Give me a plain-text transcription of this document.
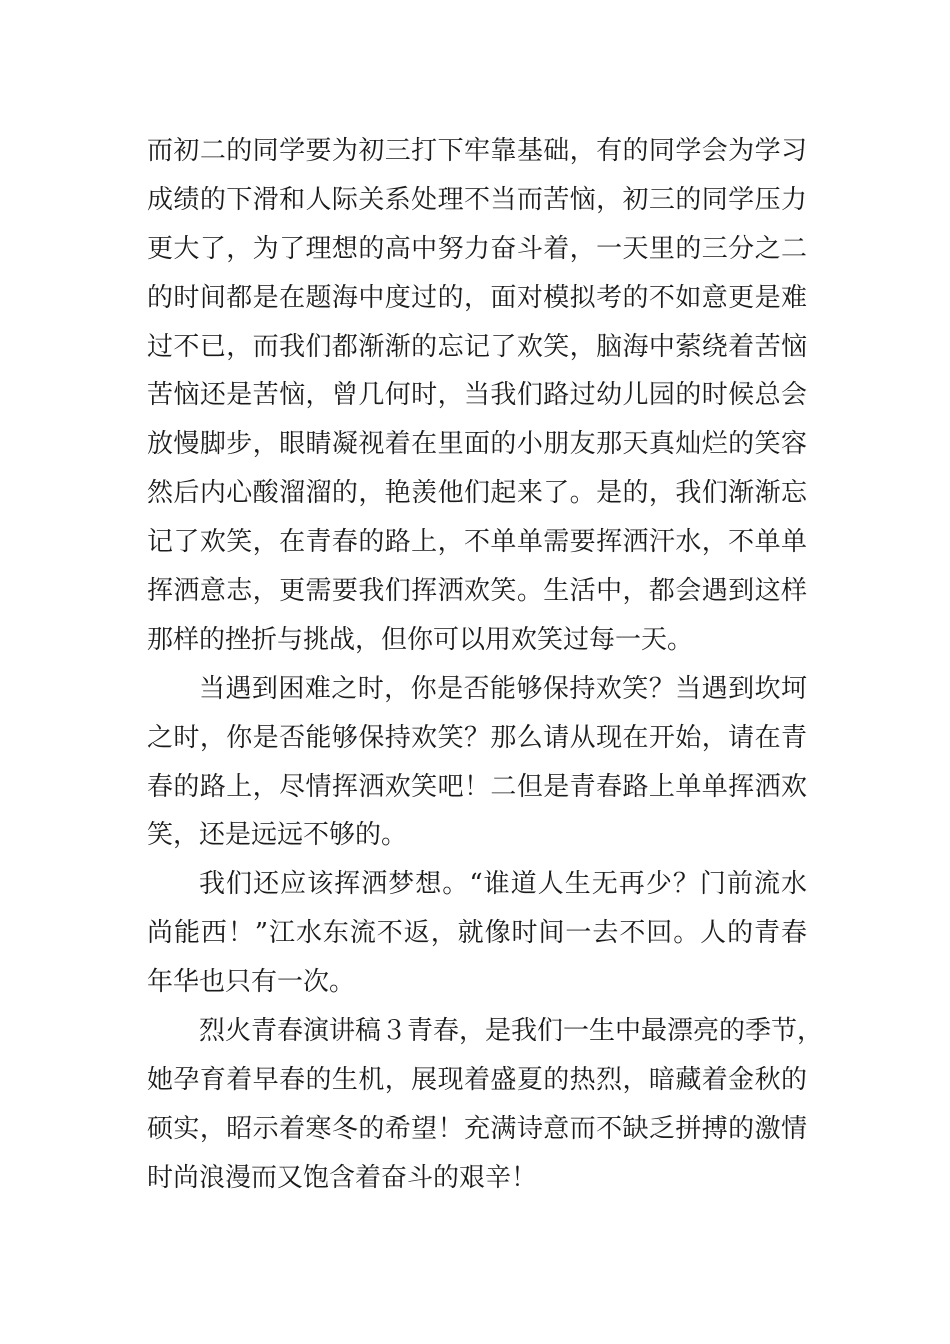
而初二的同学要为初三打下牢靠基础，有的同学会为学习
成绩的下滑和人际关系处理不当而苦恼，初三的同学压力
更大了，为了理想的高中努力奋斗着，一天里的三分之二
的时间都是在题海中度过的，面对模拟考的不如意更是难
过不已，而我们都渐渐的忘记了欢笑，脑海中萦绕着苦恼
苦恼还是苦恼，曾几何时，当我们路过幼儿园的时候总会
放慢脚步，眼睛凝视着在里面的小朋友那天真灿烂的笑容
然后内心酸溜溜的，艳羡他们起来了。是的，我们渐渐忘
记了欢笑，在青春的路上，不单单需要挥洒汗水，不单单
挥洒意志，更需要我们挥洒欢笑。生活中，都会遇到这样
那样的挫折与挑战，但你可以用欢笑过每一天。
当遇到困难之时，你是否能够保持欢笑？当遇到坎坷
之时，你是否能够保持欢笑？那么请从现在开始，请在青
春的路上，尽情挥洒欢笑吧！二但是青春路上单单挥洒欢
笑，还是远远不够的。
我们还应该挥洒梦想。“谁道人生无再少？门前流水
尚能西！”江水东流不返，就像时间一去不回。人的青春
年华也只有一次。
烈火青春演讲稿３青春，是我们一生中最漂亮的季节，
她孕育着早春的生机，展现着盛夏的热烈，暗藏着金秋的
硕实，昭示着寒冬的希望！充满诗意而不缺乏拼搏的激情
时尚浪漫而又饱含着奋斗的艰辛！
